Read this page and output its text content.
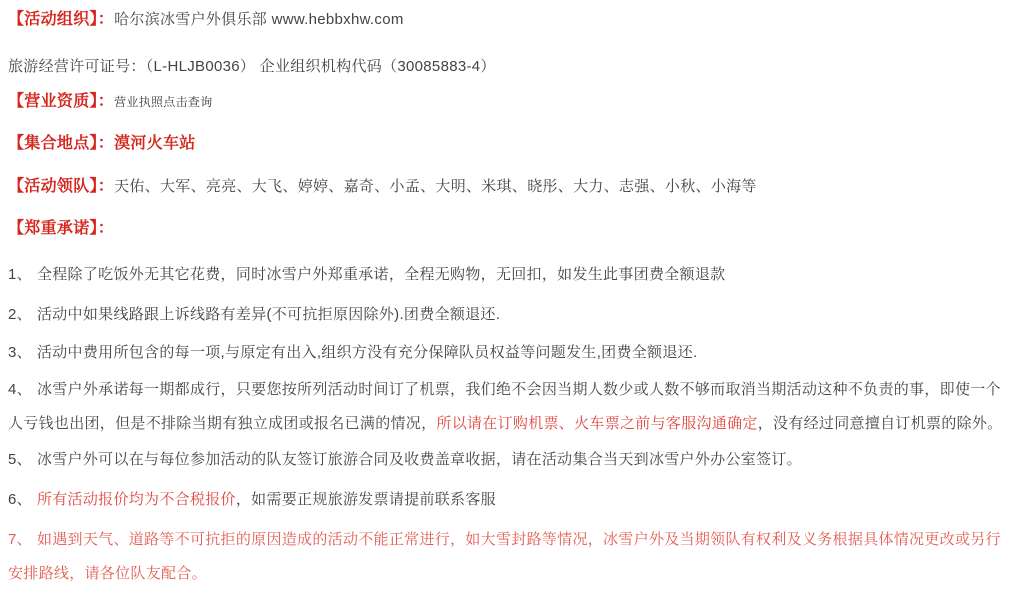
【活动组织】：哈尔滨冰雪户外俱乐部 www.hebbxhw.com

旅游经营许可证号：（L-HLJB0036） 企业组织机构代码（30085883-4）

【营业资质】：营业执照点击查询

【集合地点】：漠河火车站

【活动领队】：天佑、大军、亮亮、大飞、婷婷、嘉奇、小孟、大明、米琪、晓彤、大力、志强、小秋、小海等

【郑重承诺】：

1、 全程除了吃饭外无其它花费，同时冰雪户外郑重承诺，全程无购物，无回扣，如发生此事团费全额退款

2、 活动中如果线路跟上诉线路有差异(不可抗拒原因除外).团费全额退还.

3、 活动中费用所包含的每一项,与原定有出入,组织方没有充分保障队员权益等问题发生,团费全额退还.

4、 冰雪户外承诺每一期都成行，只要您按所列活动时间订了机票，我们绝不会因当期人数少或人数不够而取消当期活动这种不负责的事，即使一个人亏钱也出团，但是不排除当期有独立成团或报名已满的情况，所以请在订购机票、火车票之前与客服沟通确定，没有经过同意擅自订机票的除外。

5、 冰雪户外可以在与每位参加活动的队友签订旅游合同及收费盖章收据，请在活动集合当天到冰雪户外办公室签订。

6、 所有活动报价均为不合税报价，如需要正规旅游发票请提前联系客服

7、 如遇到天气、道路等不可抗拒的原因造成的活动不能正常进行，如大雪封路等情况，冰雪户外及当期领队有权利及义务根据具体情况更改或另行安排路线，请各位队友配合。
